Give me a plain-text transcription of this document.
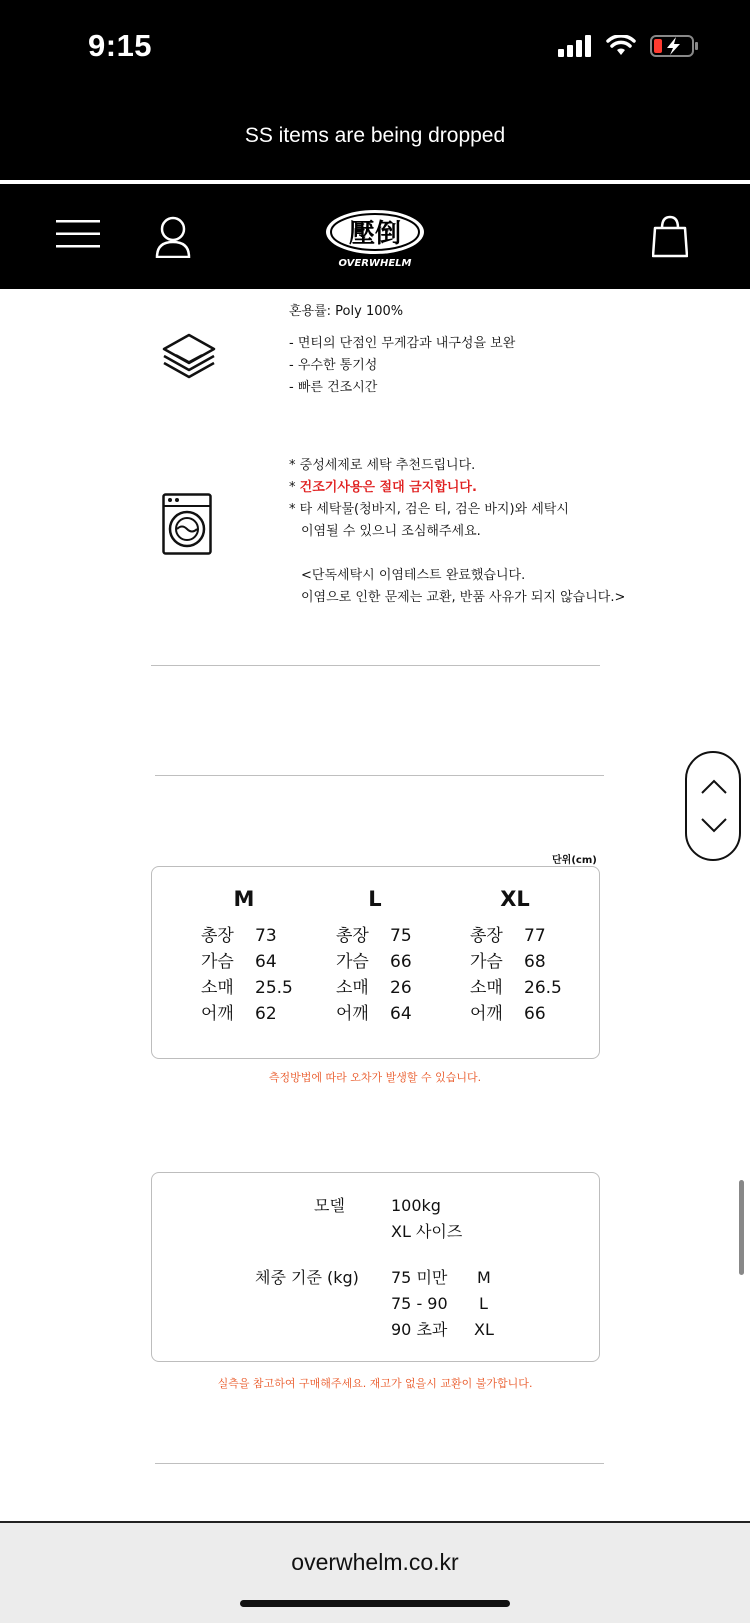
9:15
SS items are being dropped
壓倒
OVERWHELM
혼용률: Poly 100%
- 면티의 단점인 무게감과 내구성을 보완
- 우수한 통기성
- 빠른 건조시간
* 중성세제로 세탁 추천드립니다.
* 건조기사용은 절대 금지합니다.
* 타 세탁물(청바지, 검은 티, 검은 바지)와 세탁시
이염될 수 있으니 조심해주세요.
<단독세탁시 이염테스트 완료했습니다.
이염으로 인한 문제는 교환, 반품 사유가 되지 않습니다.>
단위(cm)
M
총장	73
가슴	64
소매	25.5
어깨	62
L
총장	75
가슴	66
소매	26
어깨	64
XL
총장	77
가슴	68
소매	26.5
어깨	66
측정방법에 따라 오차가 발생할 수 있습니다.
모델	100kg
XL 사이즈
체중 기준 (kg) 75 미만 M
75 - 90 L
90 초과 XL
실측을 참고하여 구매해주세요. 재고가 없을시 교환이 불가합니다.
overwhelm.co.kr
